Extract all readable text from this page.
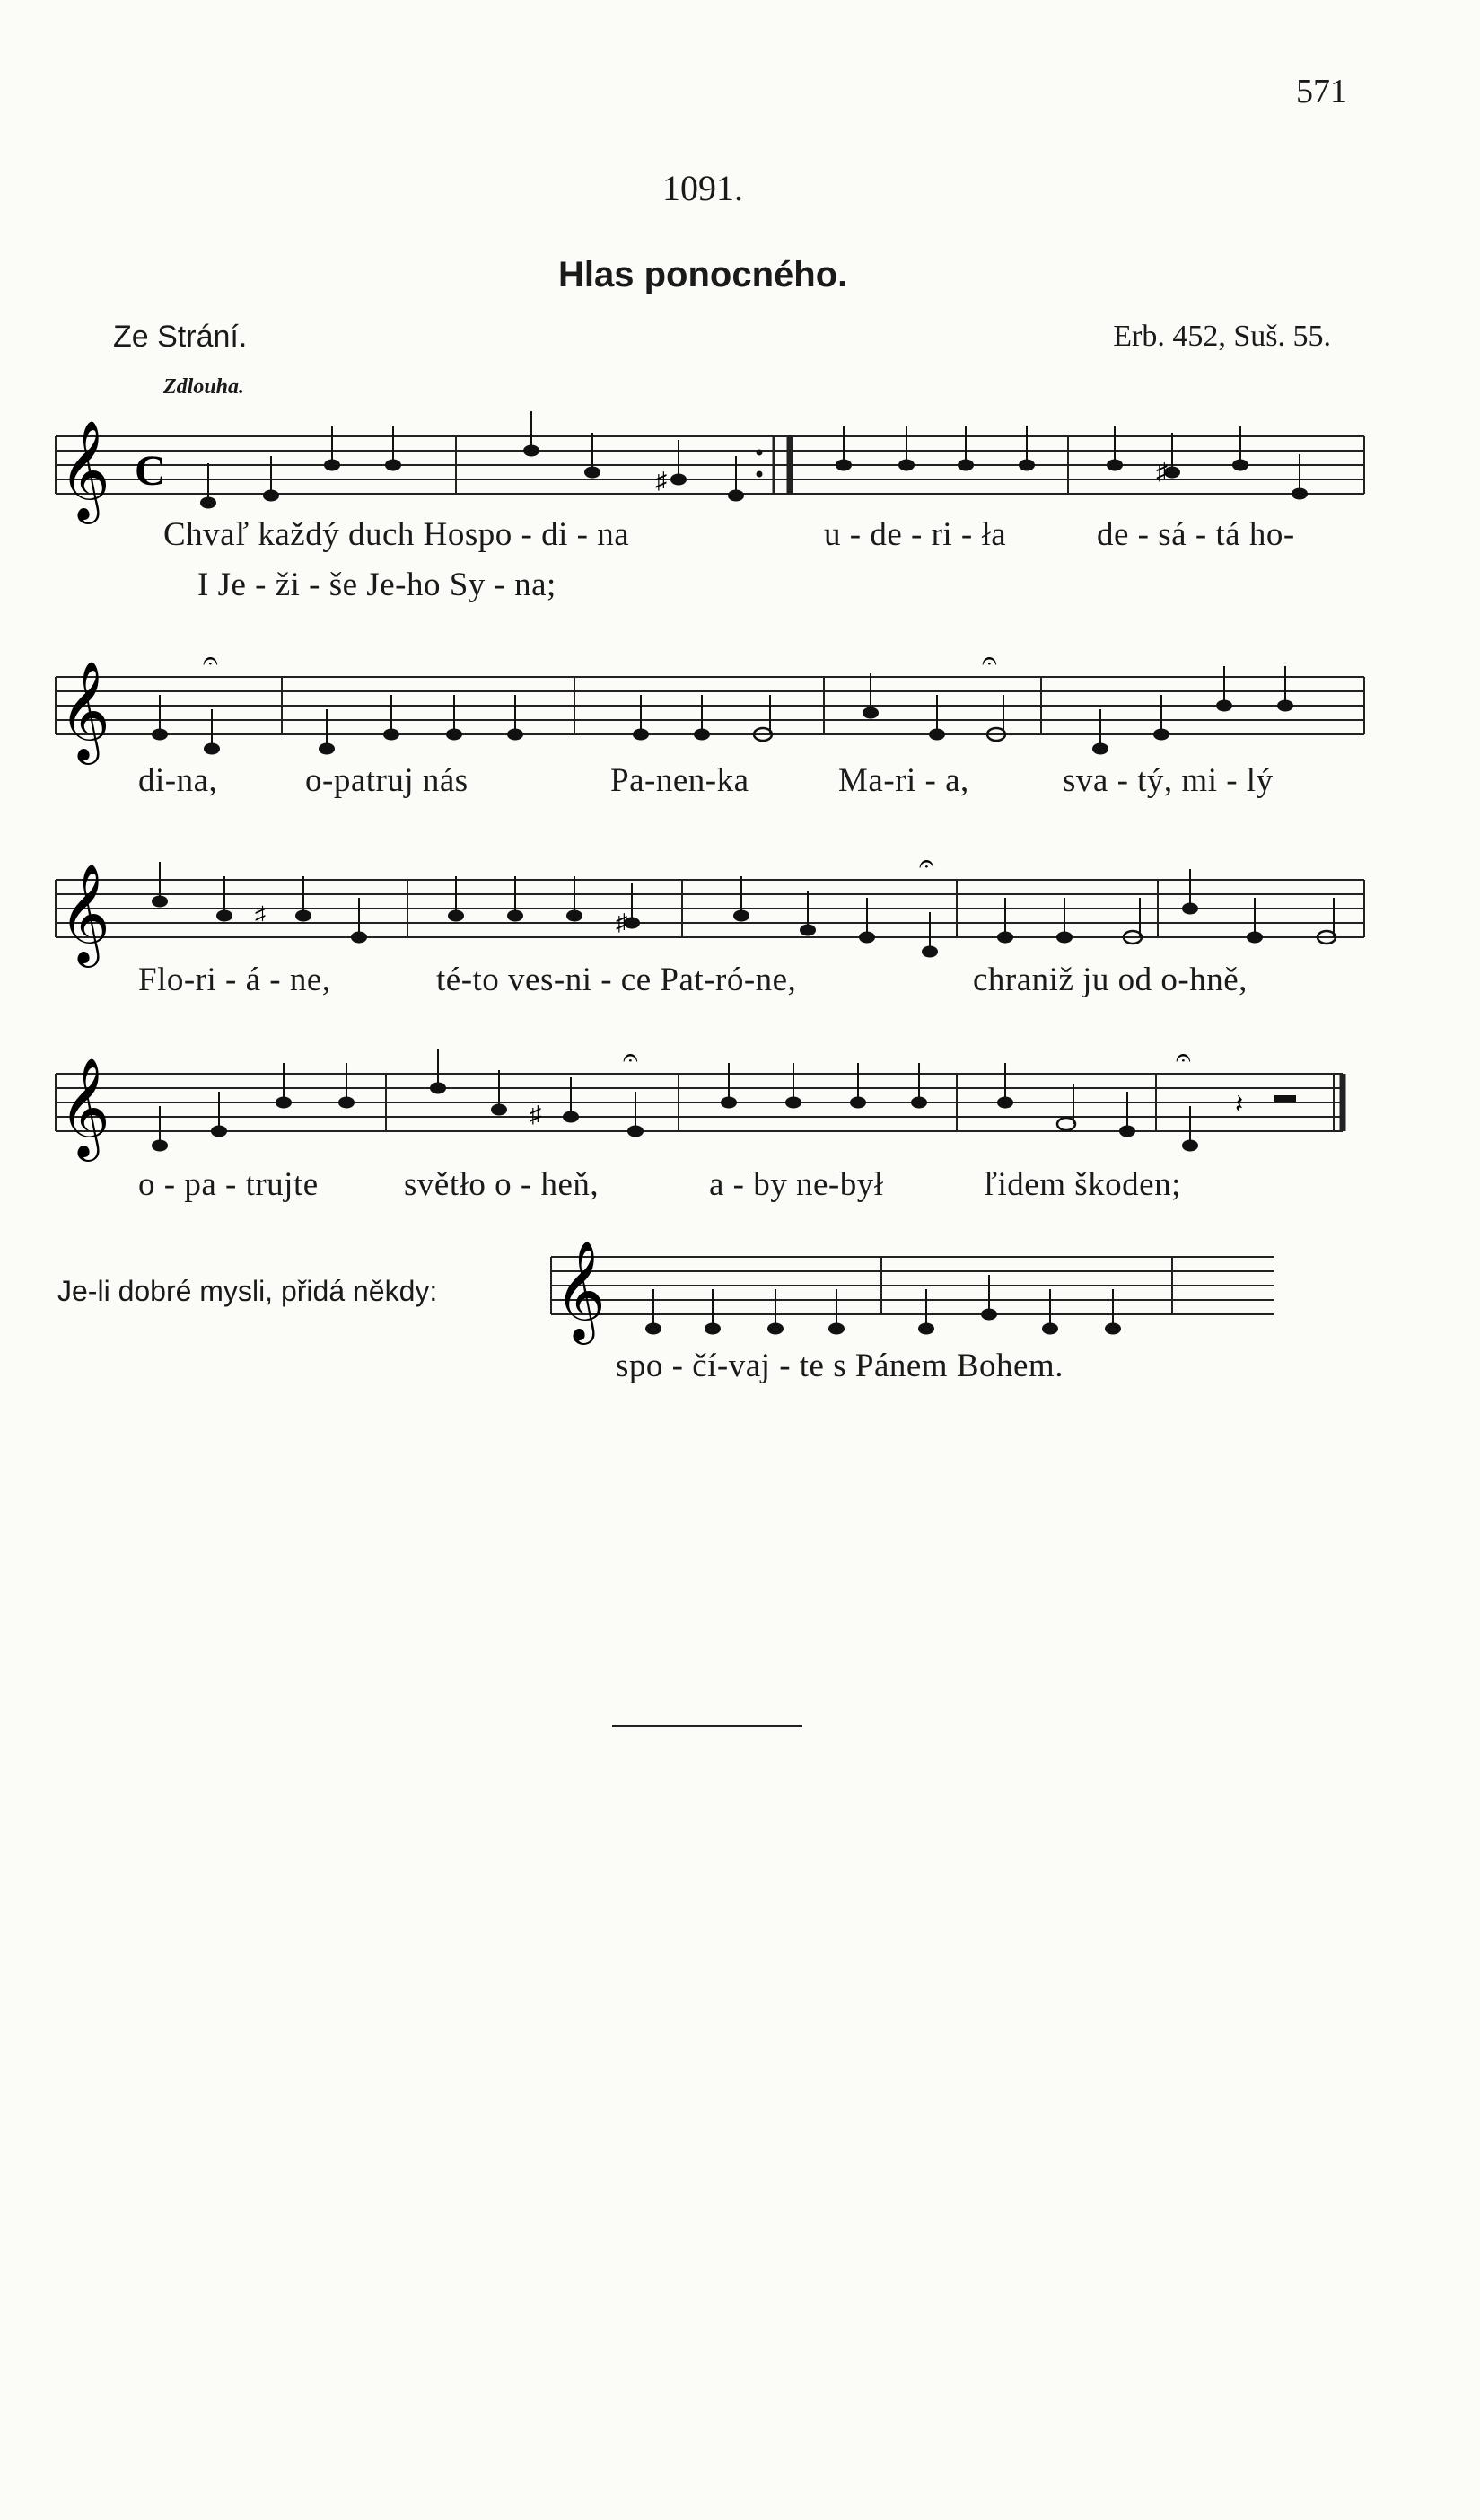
571
1091.
Hlas ponocného.
Ze Strání.	Erb. 452, Suš. 55.
Zdlouha.
𝄞 C	♯
♯
Chvaľ každý duch Hospo - di - na	u - de - ri - ła	de - sá - tá ho-
I Je - ži - še Je-ho Sy - na;
𝄞	𝄐	𝄐
di-na,	o-patruj nás	Pa-nen-ka	Ma-ri - a,	sva - tý, mi - lý
𝄞	♯
♯
𝄐
Flo-ri - á - ne,	té-to ves-ni - ce Pat-ró-ne,	chraniž ju od o-hně,
𝄞	𝄽
♯
𝄐	𝄐
o - pa - trujte	světło o - heň,	a - by ne-był	ľidem škoden;
Je-li dobré mysli, přidá někdy: 𝄞
spo - čí-vaj - te s Pánem Bohem.
